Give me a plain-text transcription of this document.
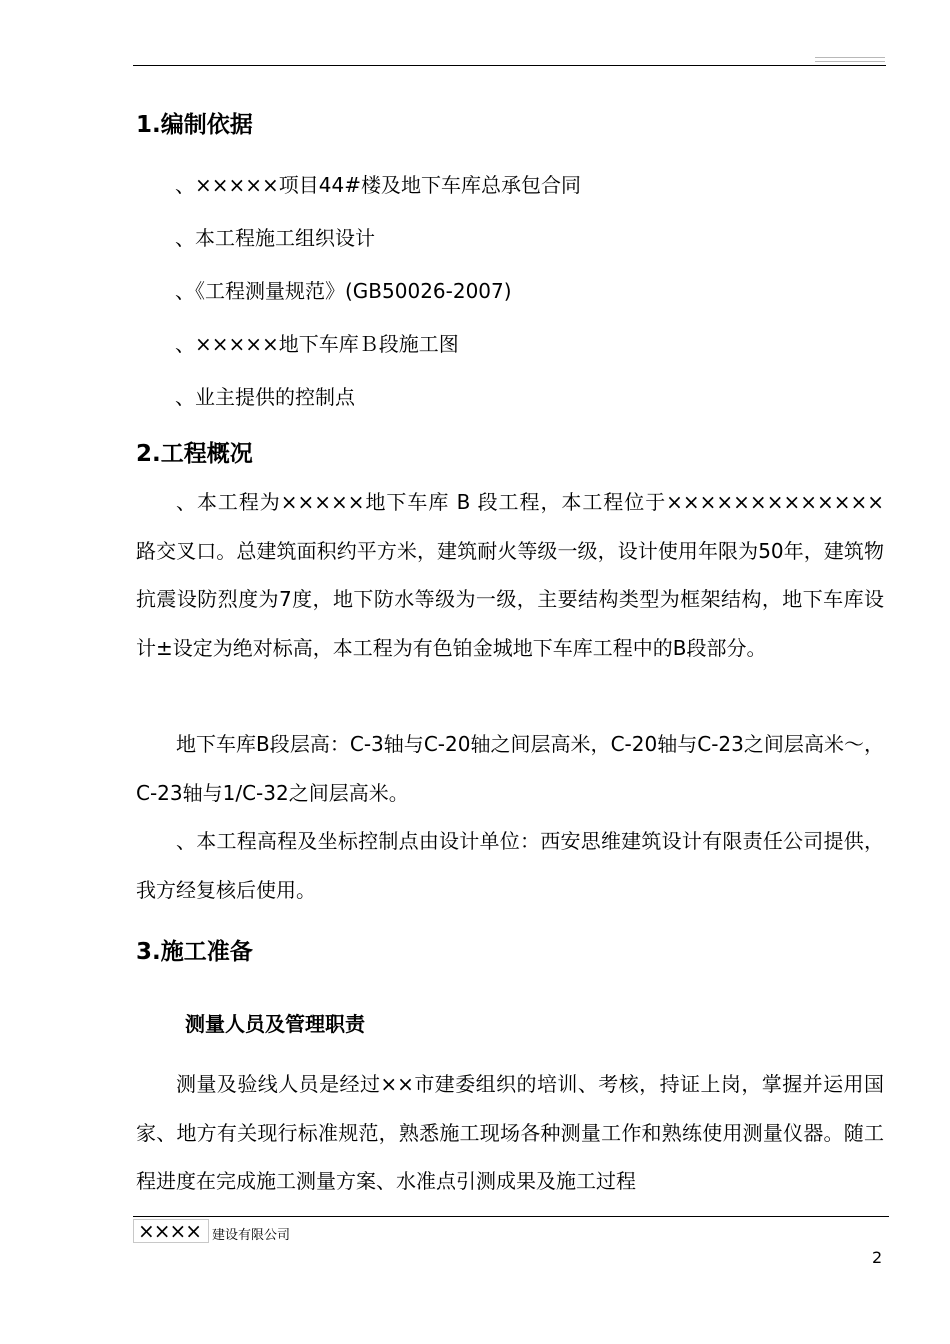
1.编制依据
、×××××项目44#楼及地下车库总承包合同
、本工程施工组织设计
、《工程测量规范》(GB50026-2007)
、×××××地下车库Ｂ段施工图
、业主提供的控制点
2.工程概况

、本工程为×××××地下车库 B 段工程，本工程位于×××××××××××××路交叉口。总建筑面积约平方米，建筑耐火等级一级，设计使用年限为50年，建筑物抗震设防烈度为7度，地下防水等级为一级，主要结构类型为框架结构，地下车库设计±设定为绝对标高，本工程为有色铂金城地下车库工程中的B段部分。

地下车库B段层高：C-3轴与C-20轴之间层高米，C-20轴与C-23之间层高米～，C-23轴与1/C-32之间层高米。

、本工程高程及坐标控制点由设计单位：西安思维建筑设计有限责任公司提供，我方经复核后使用。

3.施工准备
测量人员及管理职责

测量及验线人员是经过××市建委组织的培训、考核，持证上岗，掌握并运用国家、地方有关现行标准规范，熟悉施工现场各种测量工作和熟练使用测量仪器。随工程进度在完成施工测量方案、水准点引测成果及施工过程

×××× 建设有限公司
2
